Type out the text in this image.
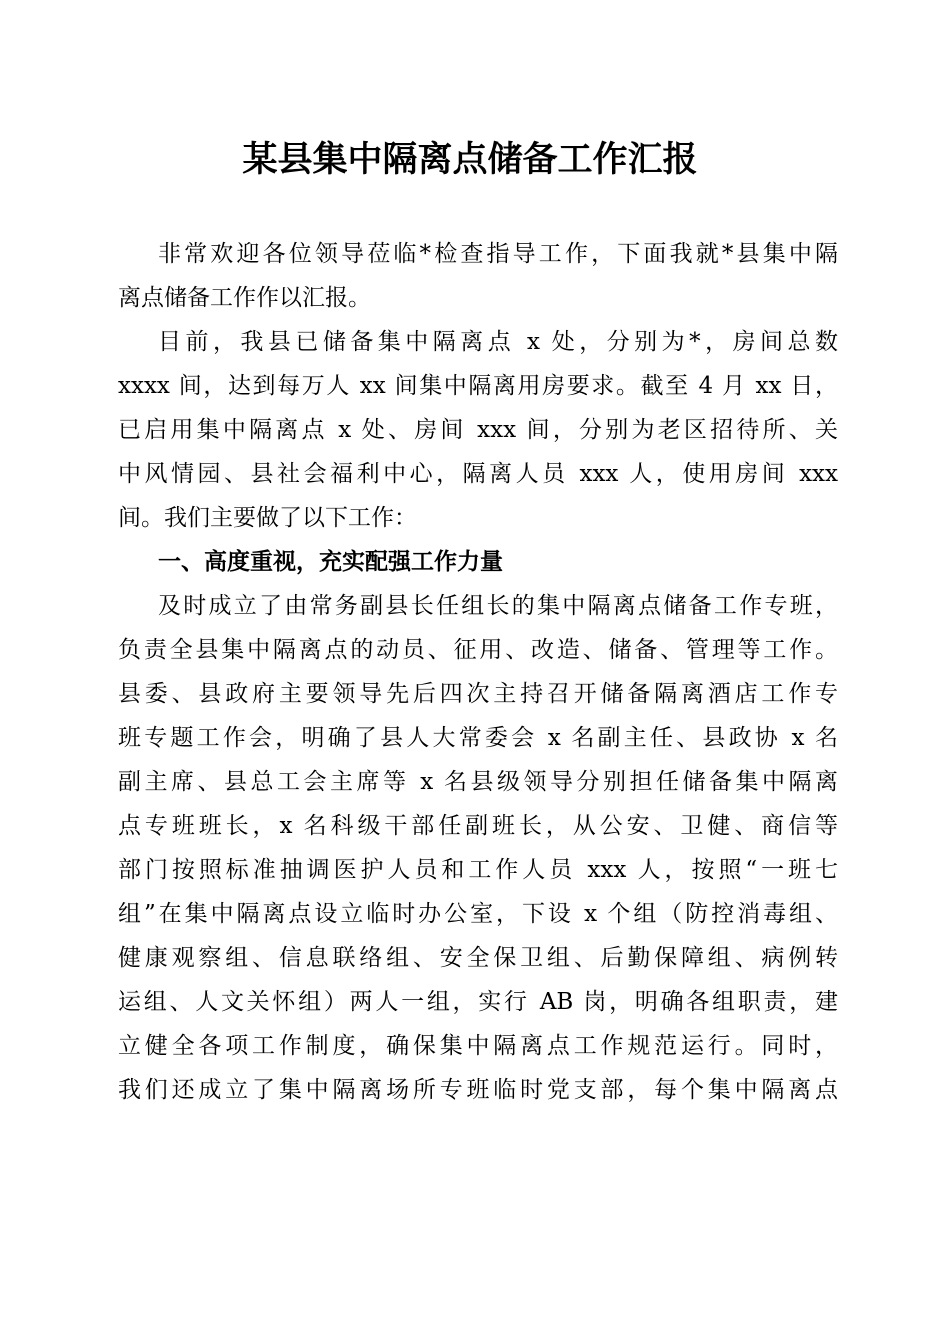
某县集中隔离点储备工作汇报
非常欢迎各位领导莅临*检查指导工作，下面我就*县集中隔
离点储备工作作以汇报。
目前，我县已储备集中隔离点 x 处，分别为*，房间总数
xxxx 间，达到每万人 xx 间集中隔离用房要求。截至 4 月 xx 日，
已启用集中隔离点 x 处、房间 xxx 间，分别为老区招待所、关
中风情园、县社会福利中心，隔离人员 xxx 人，使用房间 xxx
间。我们主要做了以下工作：
一、高度重视，充实配强工作力量
及时成立了由常务副县长任组长的集中隔离点储备工作专班，
负责全县集中隔离点的动员、征用、改造、储备、管理等工作。
县委、县政府主要领导先后四次主持召开储备隔离酒店工作专
班专题工作会，明确了县人大常委会 x 名副主任、县政协 x 名
副主席、县总工会主席等 x 名县级领导分别担任储备集中隔离
点专班班长，x 名科级干部任副班长，从公安、卫健、商信等
部门按照标准抽调医护人员和工作人员 xxx 人，按照“一班七
组”在集中隔离点设立临时办公室，下设 x 个组（防控消毒组、
健康观察组、信息联络组、安全保卫组、后勤保障组、病例转
运组、人文关怀组）两人一组，实行 AB 岗，明确各组职责，建
立健全各项工作制度，确保集中隔离点工作规范运行。同时，
我们还成立了集中隔离场所专班临时党支部，每个集中隔离点
